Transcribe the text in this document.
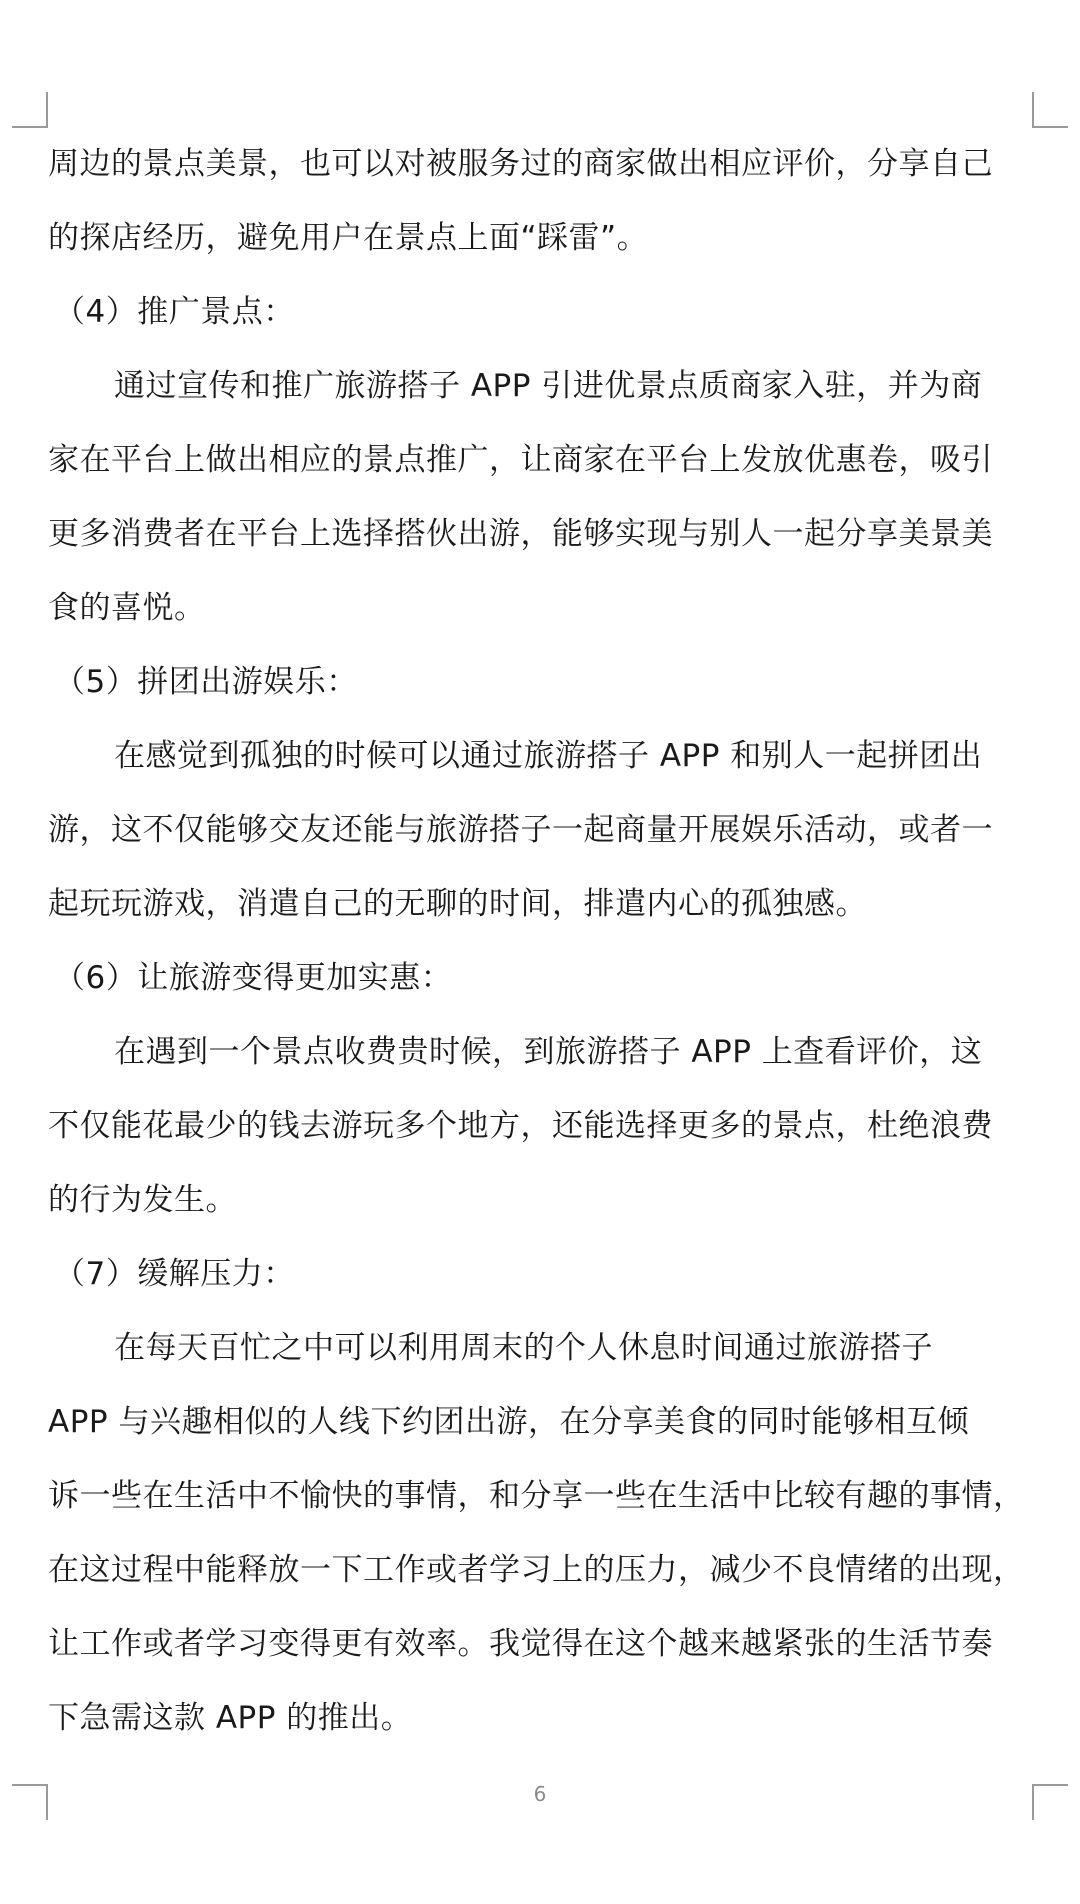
周边的景点美景，也可以对被服务过的商家做出相应评价，分享自己
的探店经历，避免用户在景点上面“踩雷”。
（4）推广景点：
通过宣传和推广旅游搭子 APP 引进优景点质商家入驻，并为商
家在平台上做出相应的景点推广，让商家在平台上发放优惠卷，吸引
更多消费者在平台上选择搭伙出游，能够实现与别人一起分享美景美
食的喜悦。
（5）拼团出游娱乐：
在感觉到孤独的时候可以通过旅游搭子 APP 和别人一起拼团出
游，这不仅能够交友还能与旅游搭子一起商量开展娱乐活动，或者一
起玩玩游戏，消遣自己的无聊的时间，排遣内心的孤独感。
（6）让旅游变得更加实惠：
在遇到一个景点收费贵时候，到旅游搭子 APP 上查看评价，这
不仅能花最少的钱去游玩多个地方，还能选择更多的景点，杜绝浪费
的行为发生。
（7）缓解压力：
在每天百忙之中可以利用周末的个人休息时间通过旅游搭子
APP 与兴趣相似的人线下约团出游，在分享美食的同时能够相互倾
诉一些在生活中不愉快的事情，和分享一些在生活中比较有趣的事情，
在这过程中能释放一下工作或者学习上的压力，减少不良情绪的出现，
让工作或者学习变得更有效率。我觉得在这个越来越紧张的生活节奏
下急需这款 APP 的推出。
6
